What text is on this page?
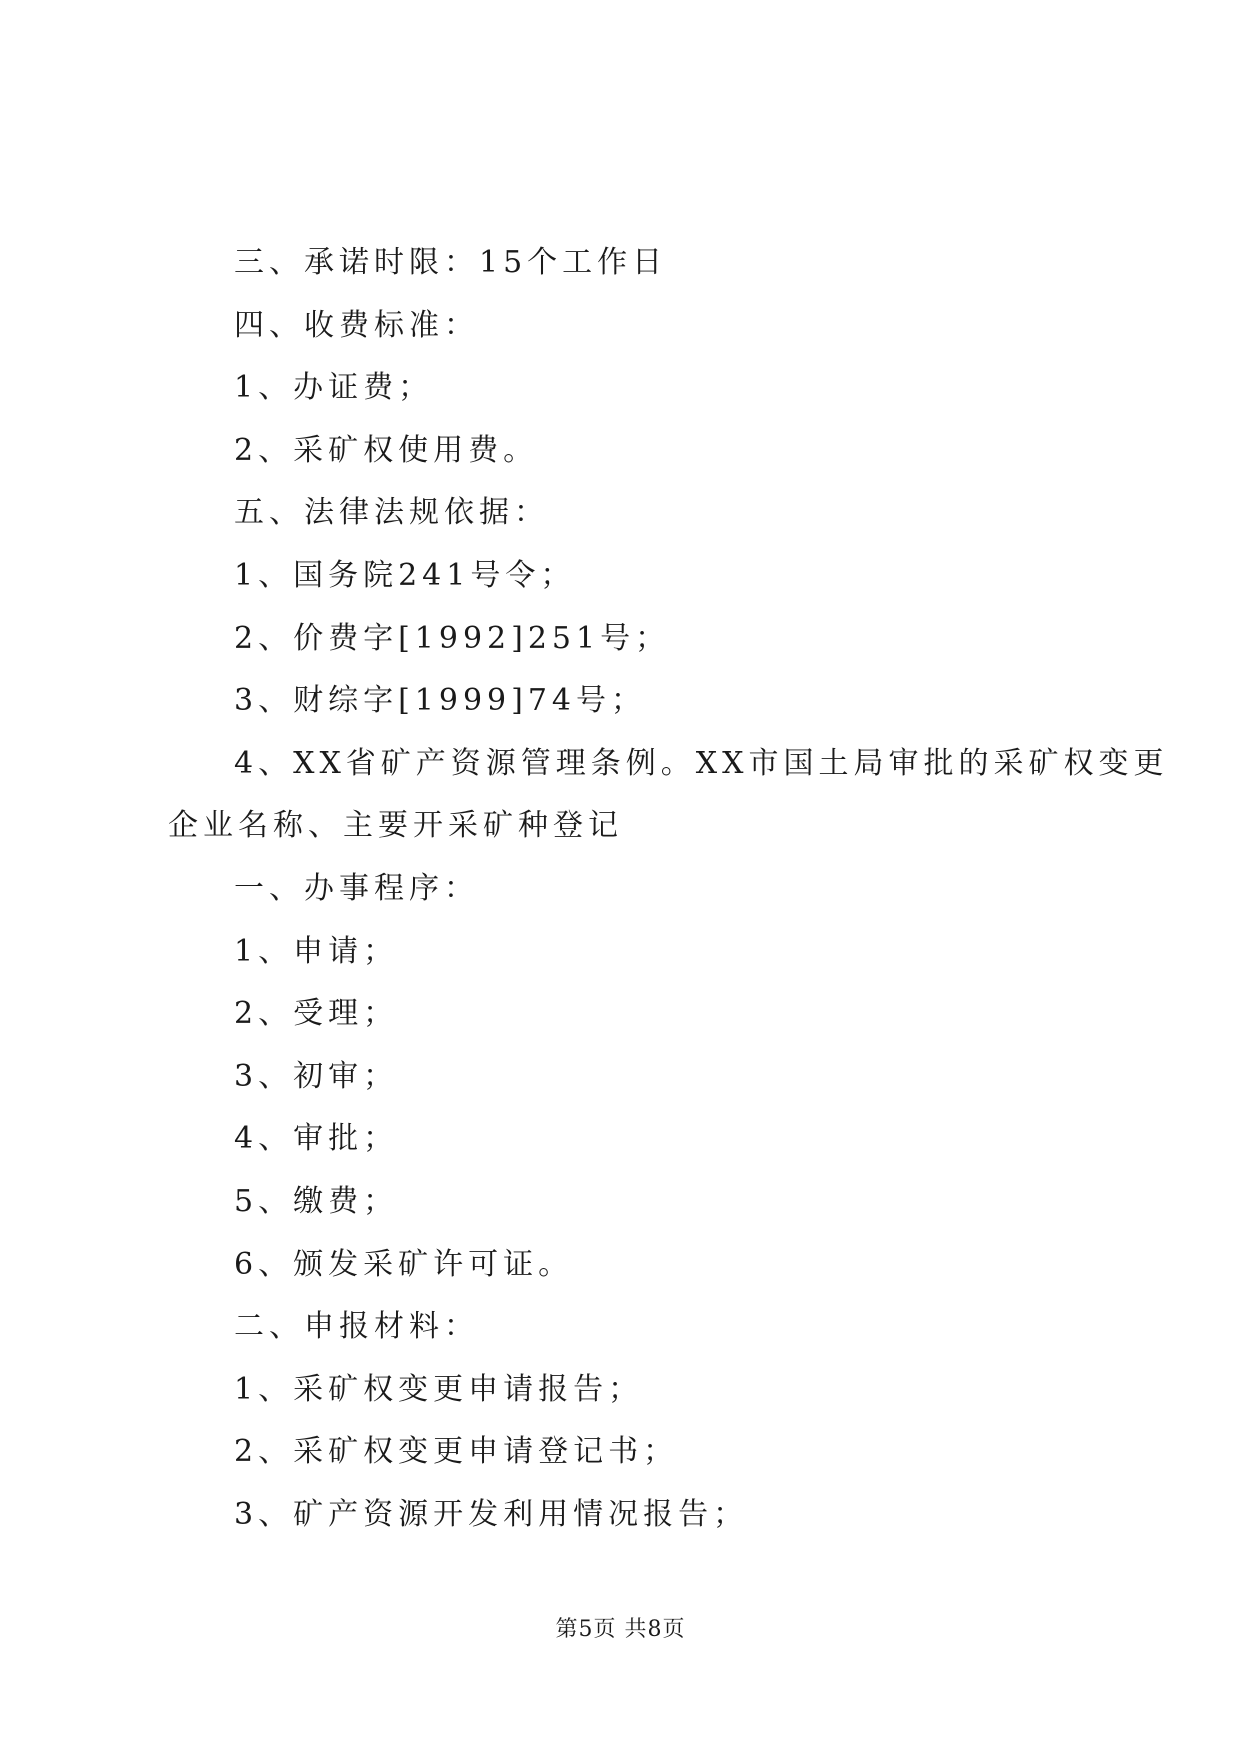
三、承诺时限：15个工作日
四、收费标准：
1、办证费；
2、采矿权使用费。
五、法律法规依据：
1、国务院241号令；
2、价费字[1992]251号；
3、财综字[1999]74号；
4、XX省矿产资源管理条例。XX市国土局审批的采矿权变更
企业名称、主要开采矿种登记
一、办事程序：
1、申请；
2、受理；
3、初审；
4、审批；
5、缴费；
6、颁发采矿许可证。
二、申报材料：
1、采矿权变更申请报告；
2、采矿权变更申请登记书；
3、矿产资源开发利用情况报告；
第5页 共8页
